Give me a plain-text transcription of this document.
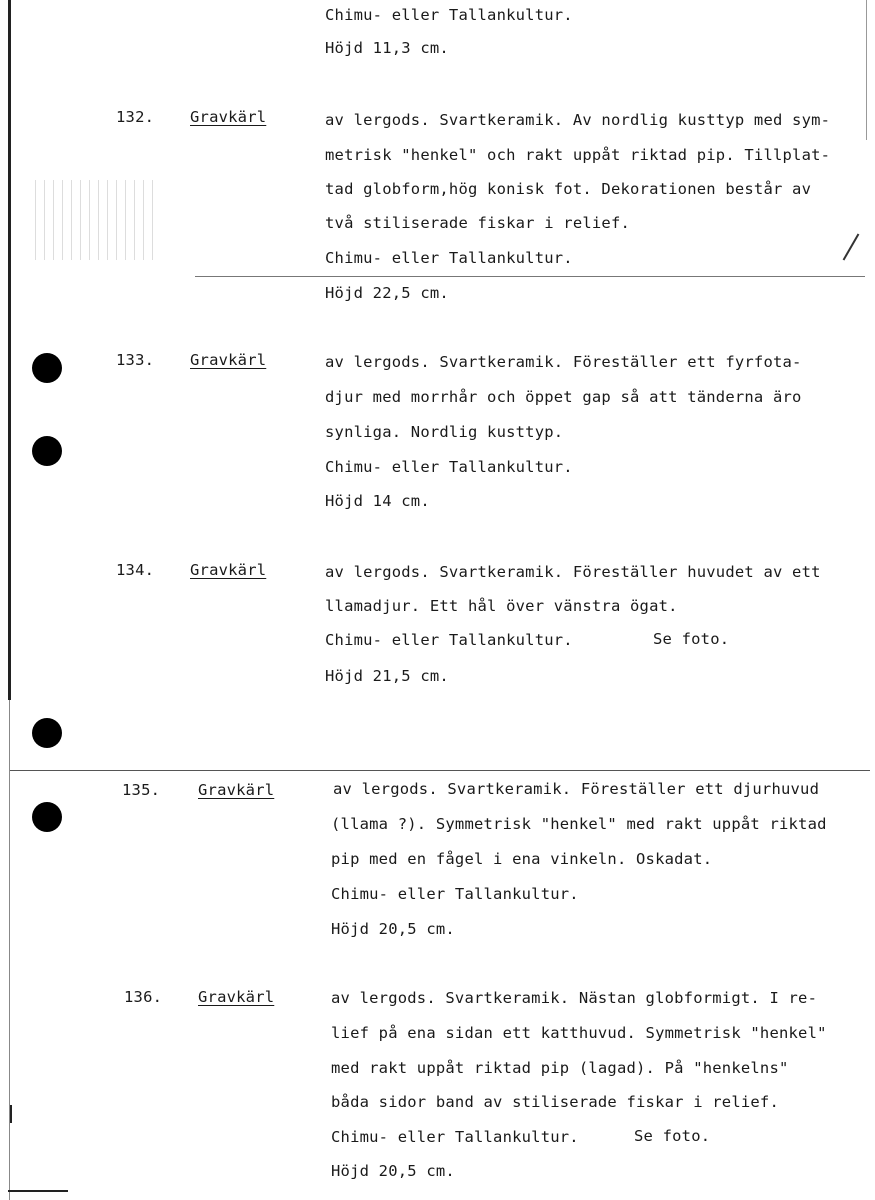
Chimu- eller Tallankultur.
Höjd 11,3 cm.
132. Gravkärl	av lergods. Svartkeramik. Av nordlig kusttyp med sym-
metrisk "henkel" och rakt uppåt riktad pip. Tillplat-
tad globform,hög konisk fot. Dekorationen består av
två stiliserade fiskar i relief.
Chimu- eller Tallankultur.
Höjd 22,5 cm.
133. Gravkärl	av lergods. Svartkeramik. Föreställer ett fyrfota-
djur med morrhår och öppet gap så att tänderna äro
synliga. Nordlig kusttyp.
Chimu- eller Tallankultur.
Höjd 14 cm.
134. Gravkärl	av lergods. Svartkeramik. Föreställer huvudet av ett
llamadjur. Ett hål över vänstra ögat.
Chimu- eller Tallankultur.	Se foto.
Höjd 21,5 cm.
135. Gravkärl	av lergods. Svartkeramik. Föreställer ett djurhuvud
(llama ?). Symmetrisk "henkel" med rakt uppåt riktad
pip med en fågel i ena vinkeln. Oskadat.
Chimu- eller Tallankultur.
Höjd 20,5 cm.
136. Gravkärl	av lergods. Svartkeramik. Nästan globformigt. I re-
lief på ena sidan ett katthuvud. Symmetrisk "henkel"
med rakt uppåt riktad pip (lagad). På "henkelns"
båda sidor band av stiliserade fiskar i relief.
Chimu- eller Tallankultur.	Se foto.
Höjd 20,5 cm.
